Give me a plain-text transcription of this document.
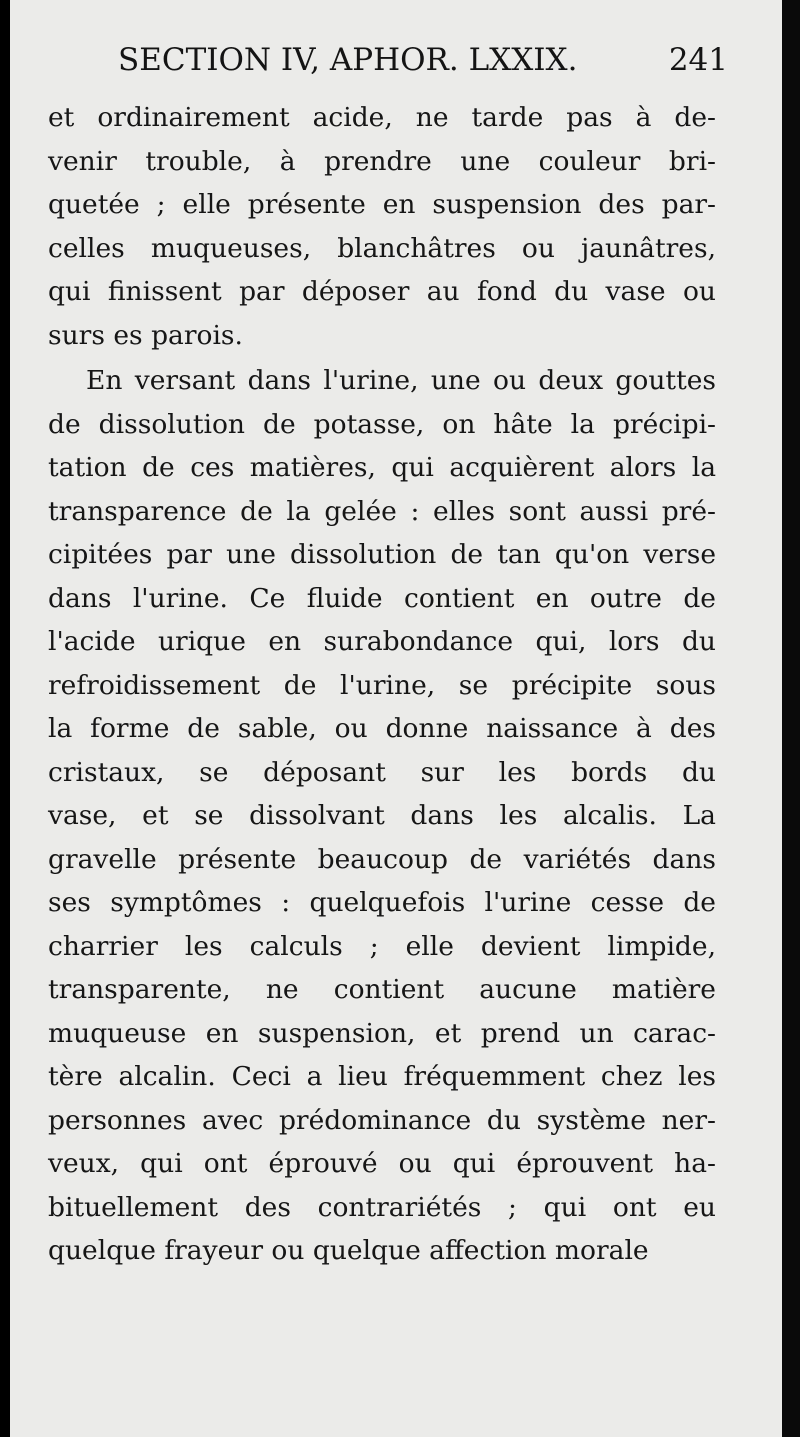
SECTION IV, APHOR. LXXIX.	241
et ordinairement acide, ne tarde pas à de-
venir trouble, à prendre une couleur bri-
quetée ; elle présente en suspension des par-
celles muqueuses, blanchâtres ou jaunâtres,
qui finissent par déposer au fond du vase ou
surs es parois.
En versant dans l'urine, une ou deux gouttes
de dissolution de potasse, on hâte la précipi-
tation de ces matières, qui acquièrent alors la
transparence de la gelée : elles sont aussi pré-
cipitées par une dissolution de tan qu'on verse
dans l'urine. Ce fluide contient en outre de
l'acide urique en surabondance qui, lors du
refroidissement de l'urine, se précipite sous
la forme de sable, ou donne naissance à des
cristaux, se déposant sur les bords du
vase, et se dissolvant dans les alcalis. La
gravelle présente beaucoup de variétés dans
ses symptômes : quelquefois l'urine cesse de
charrier les calculs ; elle devient limpide,
transparente, ne contient aucune matière
muqueuse en suspension, et prend un carac-
tère alcalin. Ceci a lieu fréquemment chez les
personnes avec prédominance du système ner-
veux, qui ont éprouvé ou qui éprouvent ha-
bituellement des contrariétés ; qui ont eu
quelque frayeur ou quelque affection morale
